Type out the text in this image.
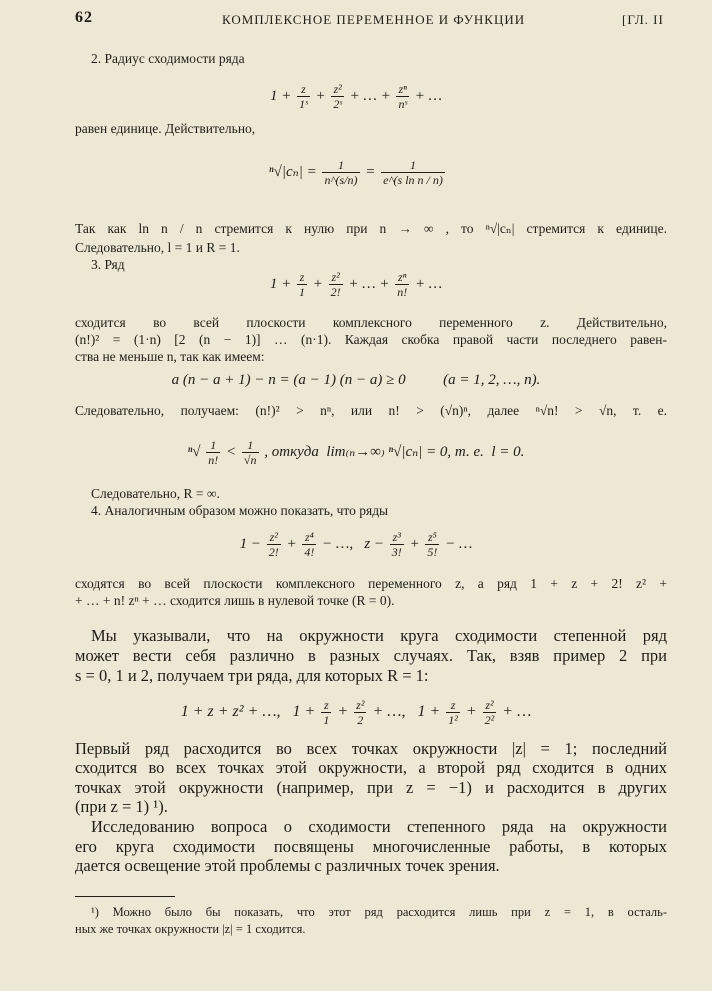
62	КОМПЛЕКСНОЕ ПЕРЕМЕННОЕ И ФУНКЦИИ	[ГЛ. II
2. Радиус сходимости ряда
$1 + \frac{z}{\text{1ˢ}} + \frac{\text{z²}}{\text{2ˢ}}$ + … + $\frac{\text{zⁿ}}{\text{nˢ}}$ + …
равен единице. Действительно,
$^n√|c_n| = \frac{1}{n\^{}(s/n)} = \frac{1}{\text{e\textasciicircum{}(s ln n / n)}}$
Так как ln n / n стремится к нулю при n → ∞ , то ⁿ√|cₙ| стремится к единице.
Следовательно, l = 1 и R = 1.
3. Ряд
$1 + \frac{z}{1} + \frac{\text{z²}}{2!}$ + … + $\frac{\text{zⁿ}}{n!}$ + …
сходится во всей плоскости комплексного переменного z. Действительно,
(n!)² = (1·n) [2 (n − 1)] … (n·1). Каждая скобка правой части последнего равен-
ства не меньше n, так как имеем:
a (n − a + 1) − n = (a − 1) (n − a) ≥ 0          (a = 1, 2, …, n).
Следовательно, получаем: (n!)² > nⁿ, или n! > (√n)ⁿ, далее ⁿ√n! > √n, т. е.
$^n√ \frac{1}{n!} < \frac{1}{√n}$ , откуда  lim₍ₙ→∞₎ ⁿ√|cₙ| = 0, т. е.  l = 0.
Следовательно, R = ∞.
4. Аналогичным образом можно показать, что ряды
$1 - \frac{\text{z²}}{2!} + \frac{\text{z⁴}}{4!}$ − …,   $z - \frac{\text{z³}}{3!} + \frac{\text{z⁵}}{5!}$ − …
сходятся во всей плоскости комплексного переменного z, а ряд 1 + z + 2! z² +
+ … + n! zⁿ + … сходится лишь в нулевой точке (R = 0).
Мы указывали, что на окружности круга сходимости степенной ряд
может вести себя различно в разных случаях. Так, взяв пример 2 при
s = 0, 1 и 2, получаем три ряда, для которых R = 1:
1 + z + z² + …,   $1 + \frac{z}{1} + \frac{\text{z²}}{2}$ + …,   $1 + \frac{z}{\text{1²}} + \frac{\text{z²}}{\text{2²}}$ + …
Первый ряд расходится во всех точках окружности |z| = 1; последний
сходится во всех точках этой окружности, а второй ряд сходится в одних
точках этой окружности (например, при z = −1) и расходится в других
(при z = 1) ¹).
Исследованию вопроса о сходимости степенного ряда на окружности
его круга сходимости посвящены многочисленные работы, в которых
дается освещение этой проблемы с различных точек зрения.
¹) Можно было бы показать, что этот ряд расходится лишь при z = 1, в осталь-
ных же точках окружности |z| = 1 сходится.
